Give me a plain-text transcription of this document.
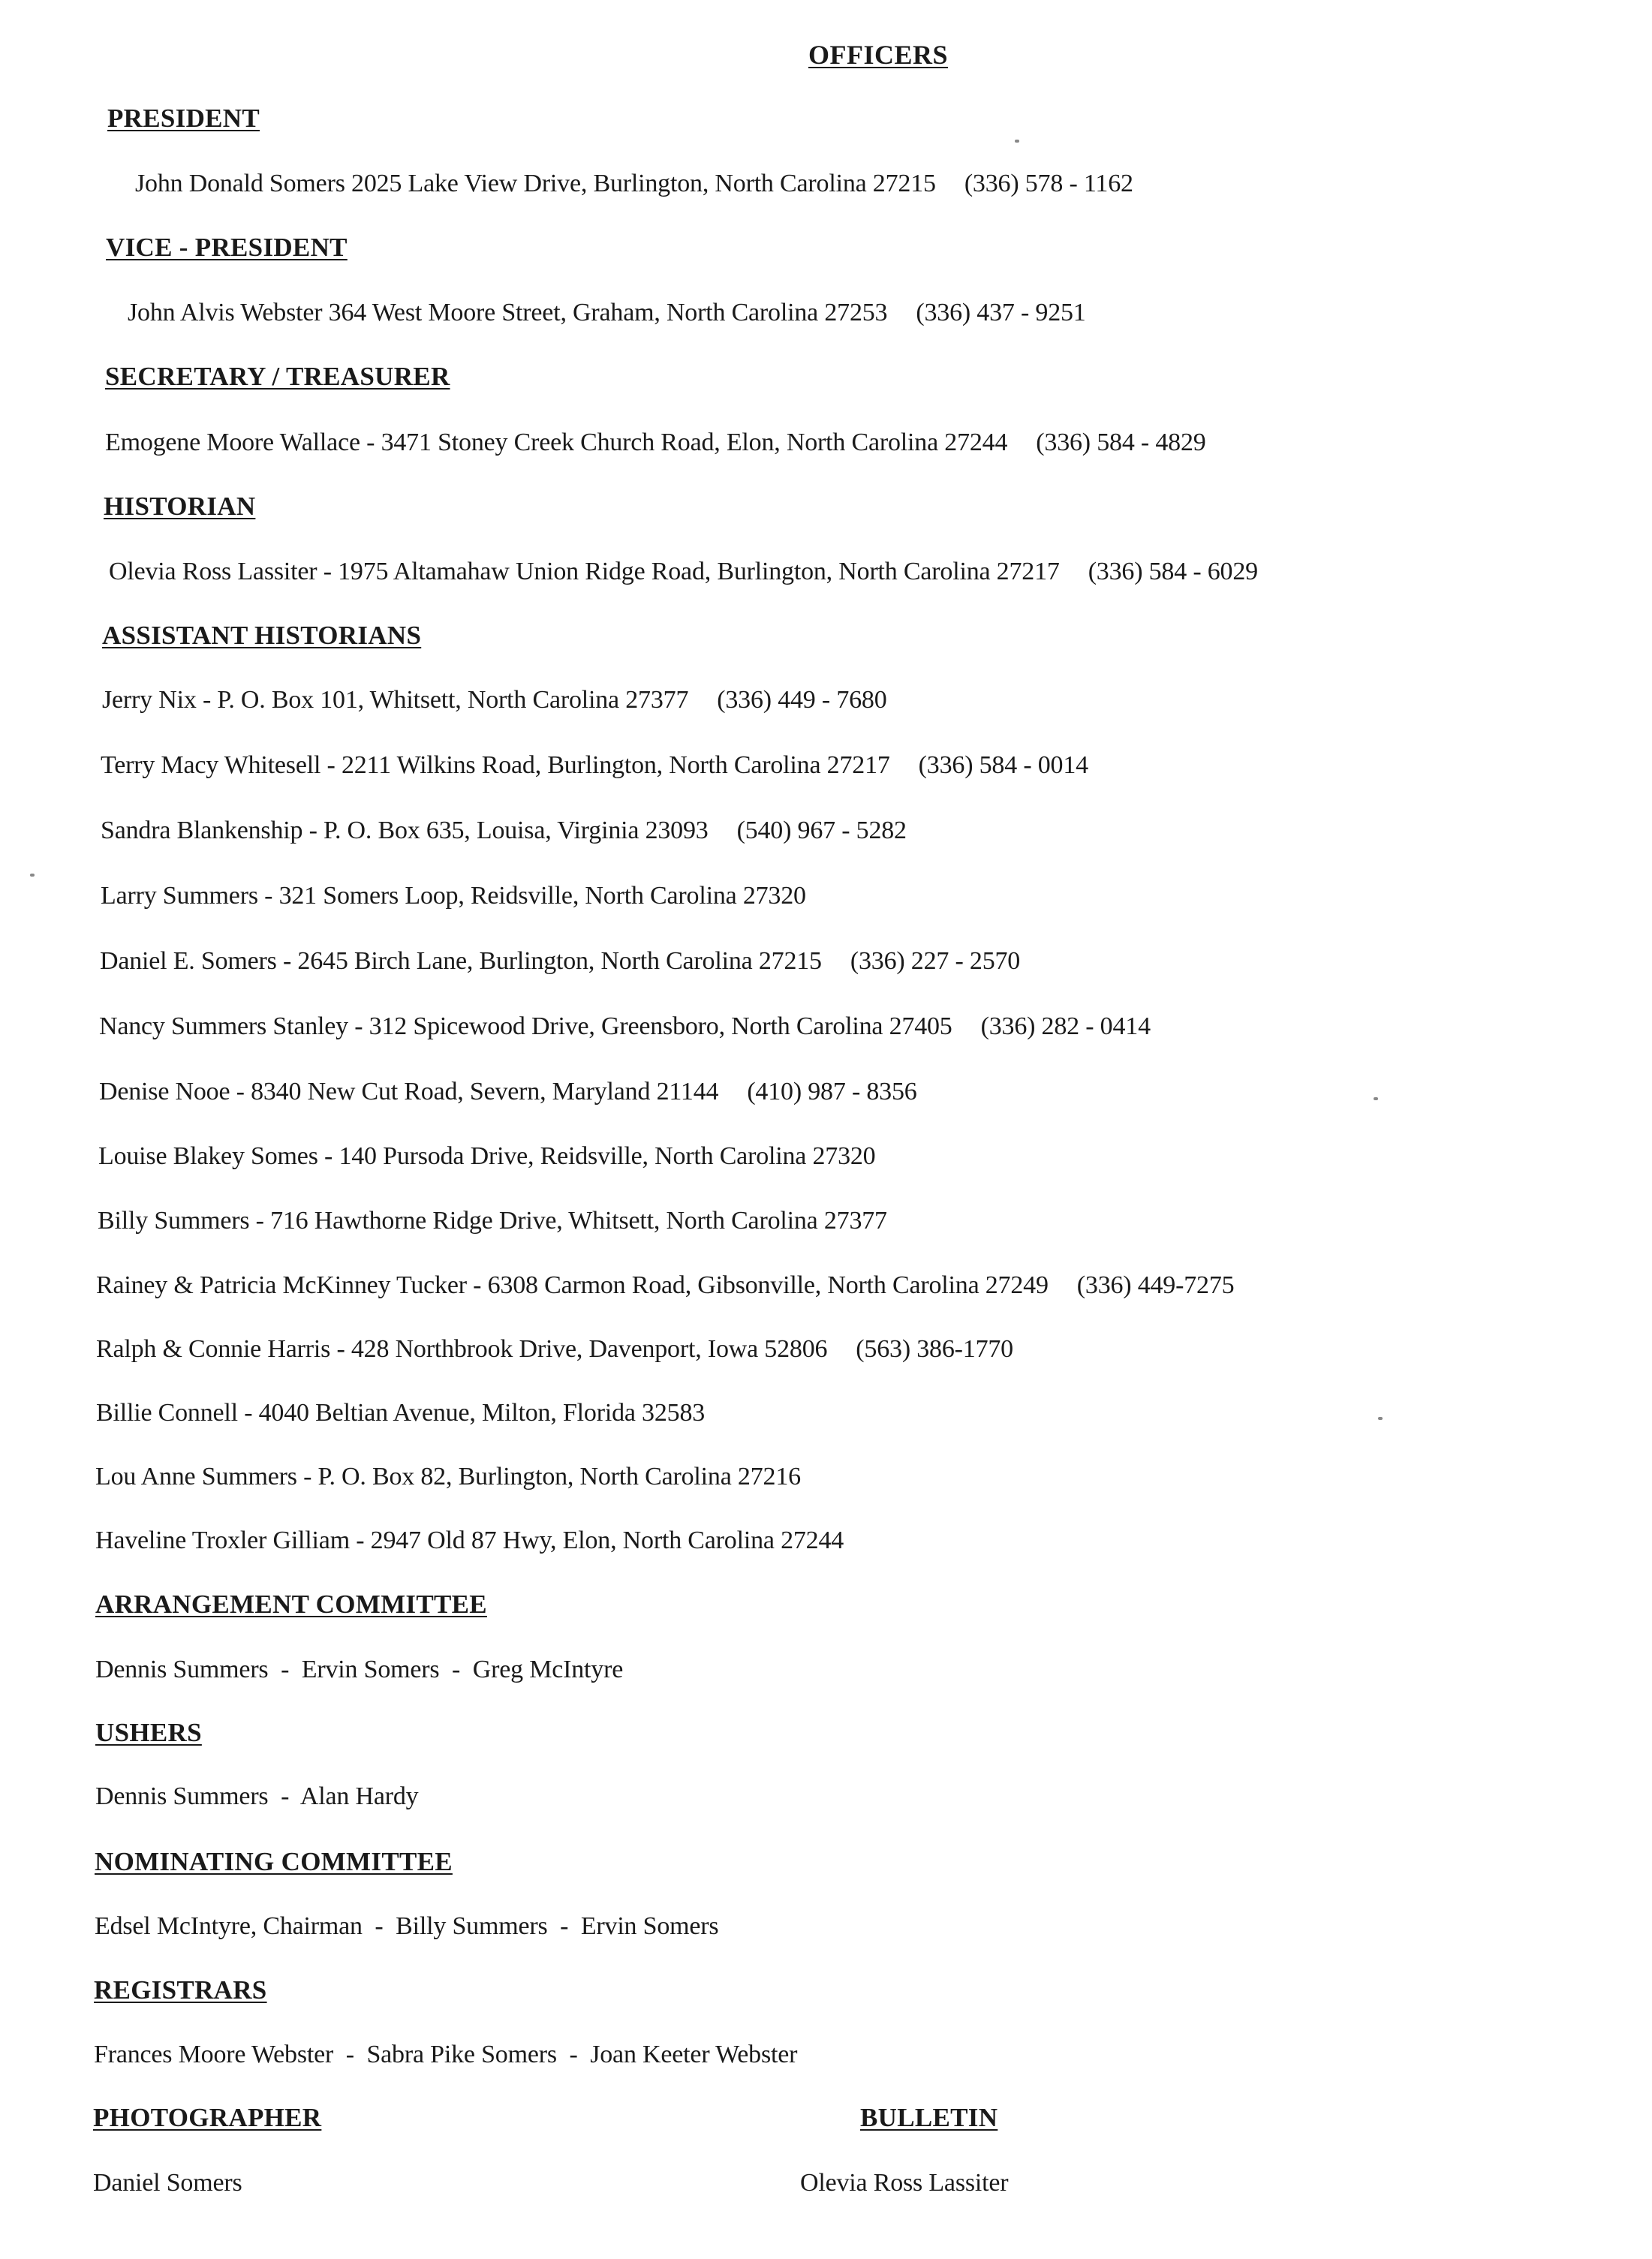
OFFICERS
PRESIDENT
John Donald Somers 2025 Lake View Drive, Burlington, North Carolina 27215 (336) 578 - 1162
VICE - PRESIDENT
John Alvis Webster 364 West Moore Street, Graham, North Carolina 27253 (336) 437 - 9251
SECRETARY / TREASURER
Emogene Moore Wallace - 3471 Stoney Creek Church Road, Elon, North Carolina 27244 (336) 584 - 4829
HISTORIAN
Olevia Ross Lassiter - 1975 Altamahaw Union Ridge Road, Burlington, North Carolina 27217 (336) 584 - 6029
ASSISTANT HISTORIANS
Jerry Nix - P. O. Box 101, Whitsett, North Carolina 27377 (336) 449 - 7680
Terry Macy Whitesell - 2211 Wilkins Road, Burlington, North Carolina 27217 (336) 584 - 0014
Sandra Blankenship - P. O. Box 635, Louisa, Virginia 23093 (540) 967 - 5282
Larry Summers - 321 Somers Loop, Reidsville, North Carolina 27320
Daniel E. Somers - 2645 Birch Lane, Burlington, North Carolina 27215 (336) 227 - 2570
Nancy Summers Stanley - 312 Spicewood Drive, Greensboro, North Carolina 27405 (336) 282 - 0414
Denise Nooe - 8340 New Cut Road, Severn, Maryland 21144 (410) 987 - 8356
Louise Blakey Somes - 140 Pursoda Drive, Reidsville, North Carolina 27320
Billy Summers - 716 Hawthorne Ridge Drive, Whitsett, North Carolina 27377
Rainey & Patricia McKinney Tucker - 6308 Carmon Road, Gibsonville, North Carolina 27249 (336) 449-7275
Ralph & Connie Harris - 428 Northbrook Drive, Davenport, Iowa 52806 (563) 386-1770
Billie Connell - 4040 Beltian Avenue, Milton, Florida 32583
Lou Anne Summers - P. O. Box 82, Burlington, North Carolina 27216
Haveline Troxler Gilliam - 2947 Old 87 Hwy, Elon, North Carolina 27244
ARRANGEMENT COMMITTEE
Dennis Summers  -  Ervin Somers  -  Greg McIntyre
USHERS
Dennis Summers  -  Alan Hardy
NOMINATING COMMITTEE
Edsel McIntyre, Chairman  -  Billy Summers  -  Ervin Somers
REGISTRARS
Frances Moore Webster  -  Sabra Pike Somers  -  Joan Keeter Webster
PHOTOGRAPHER
Daniel Somers
BULLETIN
Olevia Ross Lassiter
